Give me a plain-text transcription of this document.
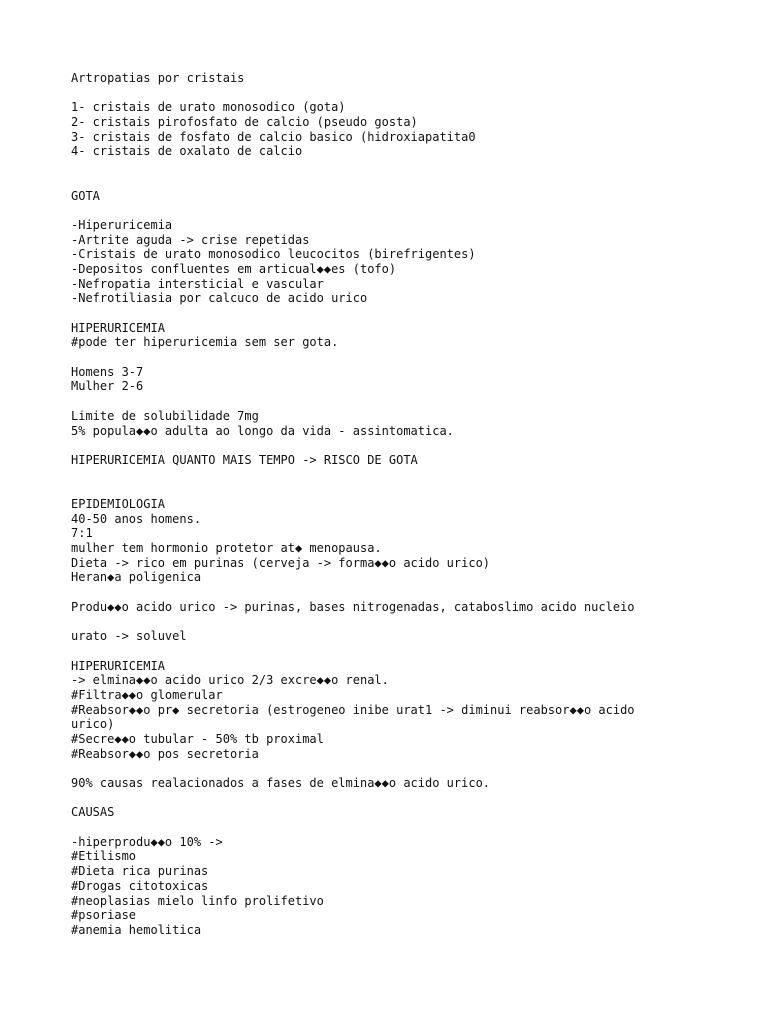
Artropatias por cristais
1- cristais de urato monosodico (gota)
2- cristais pirofosfato de calcio (pseudo gosta)
3- cristais de fosfato de calcio basico (hidroxiapatita0
4- cristais de oxalato de calcio
GOTA
-Hiperuricemia
-Artrite aguda -> crise repetidas
-Cristais de urato monosodico leucocitos (birefrigentes)
-Depositos confluentes em articual◆◆es (tofo)
-Nefropatia intersticial e vascular
-Nefrotiliasia por calcuco de acido urico
HIPERURICEMIA
#pode ter hiperuricemia sem ser gota.
Homens 3-7
Mulher 2-6
Limite de solubilidade 7mg
5% popula◆◆o adulta ao longo da vida - assintomatica.
HIPERURICEMIA QUANTO MAIS TEMPO -> RISCO DE GOTA
EPIDEMIOLOGIA
40-50 anos homens.
7:1
mulher tem hormonio protetor at◆ menopausa.
Dieta -> rico em purinas (cerveja -> forma◆◆o acido urico)
Heran◆a poligenica
Produ◆◆o acido urico -> purinas, bases nitrogenadas, cataboslimo acido nucleio
urato -> soluvel
HIPERURICEMIA
-> elmina◆◆o acido urico 2/3 excre◆◆o renal.
#Filtra◆◆o glomerular
#Reabsor◆◆o pr◆ secretoria (estrogeneo inibe urat1 -> diminui reabsor◆◆o acido
urico)
#Secre◆◆o tubular - 50% tb proximal
#Reabsor◆◆o pos secretoria
90% causas realacionados a fases de elmina◆◆o acido urico.
CAUSAS
-hiperprodu◆◆o 10% ->
#Etilismo
#Dieta rica purinas
#Drogas citotoxicas
#neoplasias mielo linfo prolifetivo
#psoriase
#anemia hemolitica
